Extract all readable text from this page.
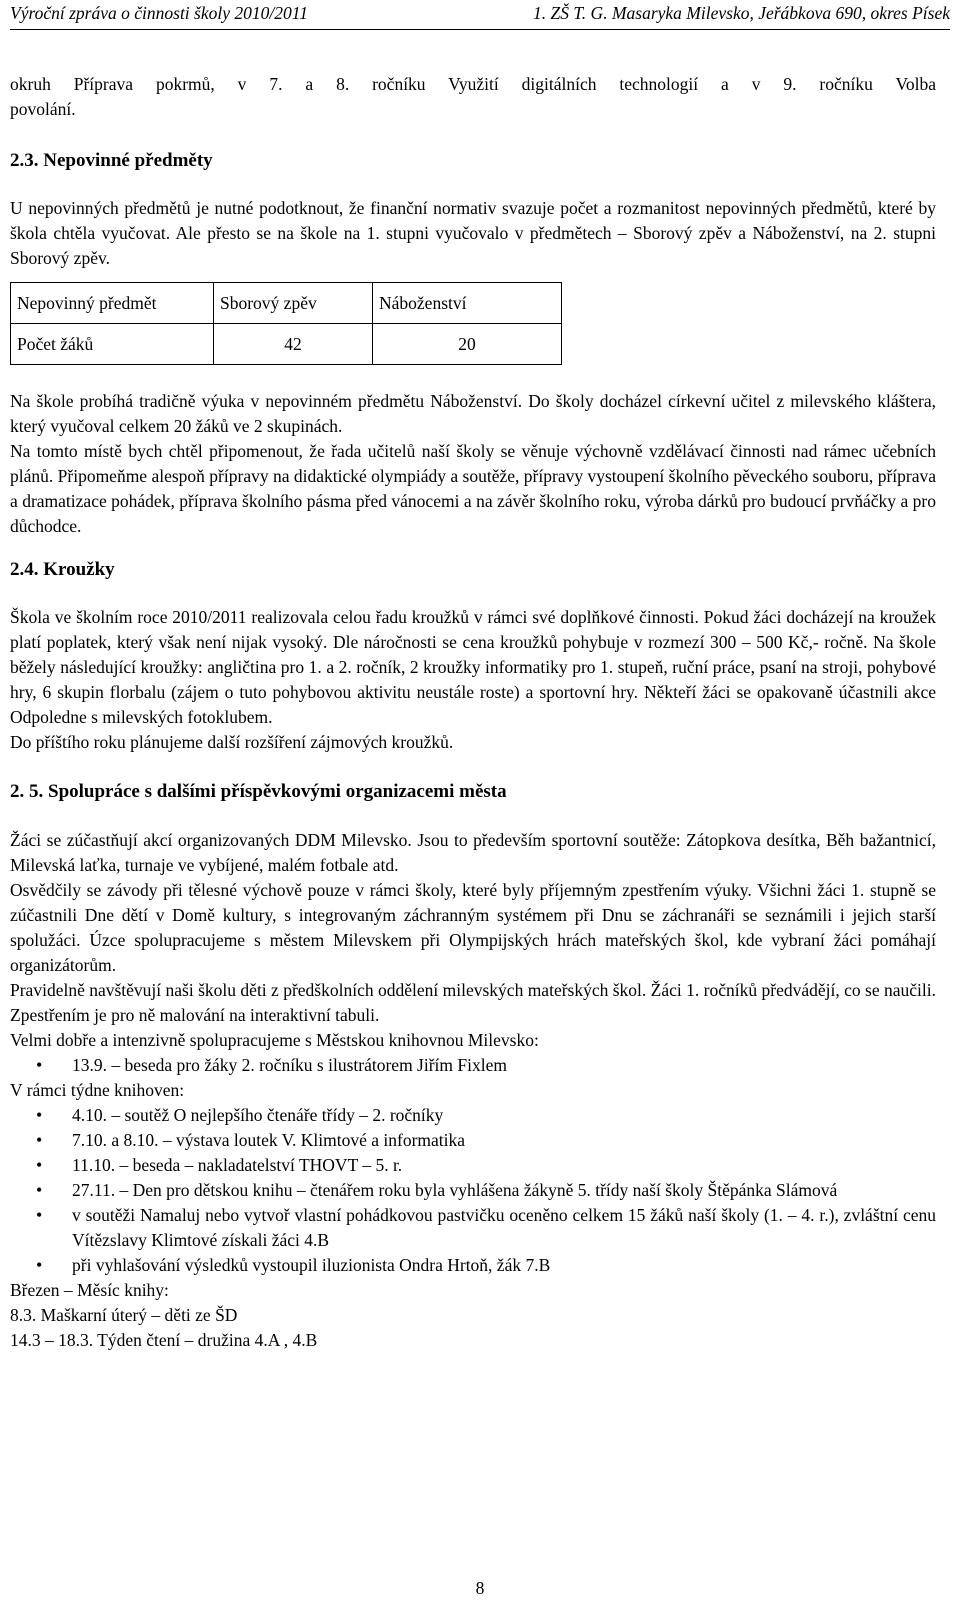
Výroční zpráva o činnosti školy 2010/2011	1. ZŠ T. G. Masaryka Milevsko, Jeřábkova 690, okres Písek

okruh Příprava pokrmů, v 7. a 8. ročníku Využití digitálních technologií a v 9. ročníku Volba

povolání.

2.3. Nepovinné předměty

U nepovinných předmětů je nutné podotknout, že finanční normativ svazuje počet a rozmanitost nepovinných předmětů, které by škola chtěla vyučovat. Ale přesto se na škole na 1. stupni vyučovalo v předmětech – Sborový zpěv a Náboženství, na 2. stupni Sborový zpěv.

Nepovinný předmět	Sborový zpěv	Náboženství
Počet žáků	42	20

Na škole probíhá tradičně výuka v nepovinném předmětu Náboženství. Do školy docházel církevní učitel z milevského kláštera, který vyučoval celkem 20 žáků ve 2 skupinách.

Na tomto místě bych chtěl připomenout, že řada učitelů naší školy se věnuje výchovně vzdělávací činnosti nad rámec učebních plánů. Připomeňme alespoň přípravy na didaktické olympiády a soutěže, přípravy vystoupení školního pěveckého souboru, příprava a dramatizace pohádek, příprava školního pásma před vánocemi a na závěr školního roku, výroba dárků pro budoucí prvňáčky a pro důchodce.

2.4. Kroužky

Škola ve školním roce 2010/2011 realizovala celou řadu kroužků v rámci své doplňkové činnosti. Pokud žáci docházejí na kroužek platí poplatek, který však není nijak vysoký. Dle náročnosti se cena kroužků pohybuje v rozmezí 300 – 500 Kč,- ročně. Na škole běžely následující kroužky: angličtina pro 1. a 2. ročník, 2 kroužky informatiky pro 1. stupeň, ruční práce, psaní na stroji, pohybové hry, 6 skupin florbalu (zájem o tuto pohybovou aktivitu neustále roste) a sportovní hry. Někteří žáci se opakovaně účastnili akce Odpoledne s milevských fotoklubem.

Do příštího roku plánujeme další rozšíření zájmových kroužků.

2. 5. Spolupráce s dalšími příspěvkovými organizacemi města

Žáci se zúčastňují akcí organizovaných DDM Milevsko. Jsou to především sportovní soutěže: Zátopkova desítka, Běh bažantnicí, Milevská laťka, turnaje ve vybíjené, malém fotbale atd.

Osvědčily se závody při tělesné výchově pouze v rámci školy, které byly příjemným zpestřením výuky. Všichni žáci 1. stupně se zúčastnili Dne dětí v Domě kultury, s integrovaným záchranným systémem při Dnu se záchranáři se seznámili i jejich starší spolužáci. Úzce spolupracujeme s městem Milevskem při Olympijských hrách mateřských škol, kde vybraní žáci pomáhají organizátorům.

Pravidelně navštěvují naši školu děti z předškolních oddělení milevských mateřských škol. Žáci 1. ročníků předvádějí, co se naučili. Zpestřením je pro ně malování na interaktivní tabuli.

Velmi dobře a intenzivně spolupracujeme s Městskou knihovnou Milevsko:

• 13.9. – beseda pro žáky 2. ročníku s ilustrátorem Jiřím Fixlem

V rámci týdne knihoven:

• 4.10. – soutěž O nejlepšího čtenáře třídy – 2. ročníky
• 7.10. a 8.10. – výstava loutek V. Klimtové a informatika
• 11.10. – beseda – nakladatelství THOVT – 5. r.
• 27.11. – Den pro dětskou knihu – čtenářem roku byla vyhlášena žákyně 5. třídy naší školy Štěpánka Slámová
• v soutěži Namaluj nebo vytvoř vlastní pohádkovou pastvičku oceněno celkem 15 žáků naší školy (1. – 4. r.), zvláštní cenu Vítězslavy Klimtové získali žáci 4.B
• při vyhlašování výsledků vystoupil iluzionista Ondra Hrtoň, žák 7.B

Březen – Měsíc knihy:

8.3. Maškarní úterý – děti ze ŠD

14.3 – 18.3. Týden čtení – družina 4.A , 4.B

8
